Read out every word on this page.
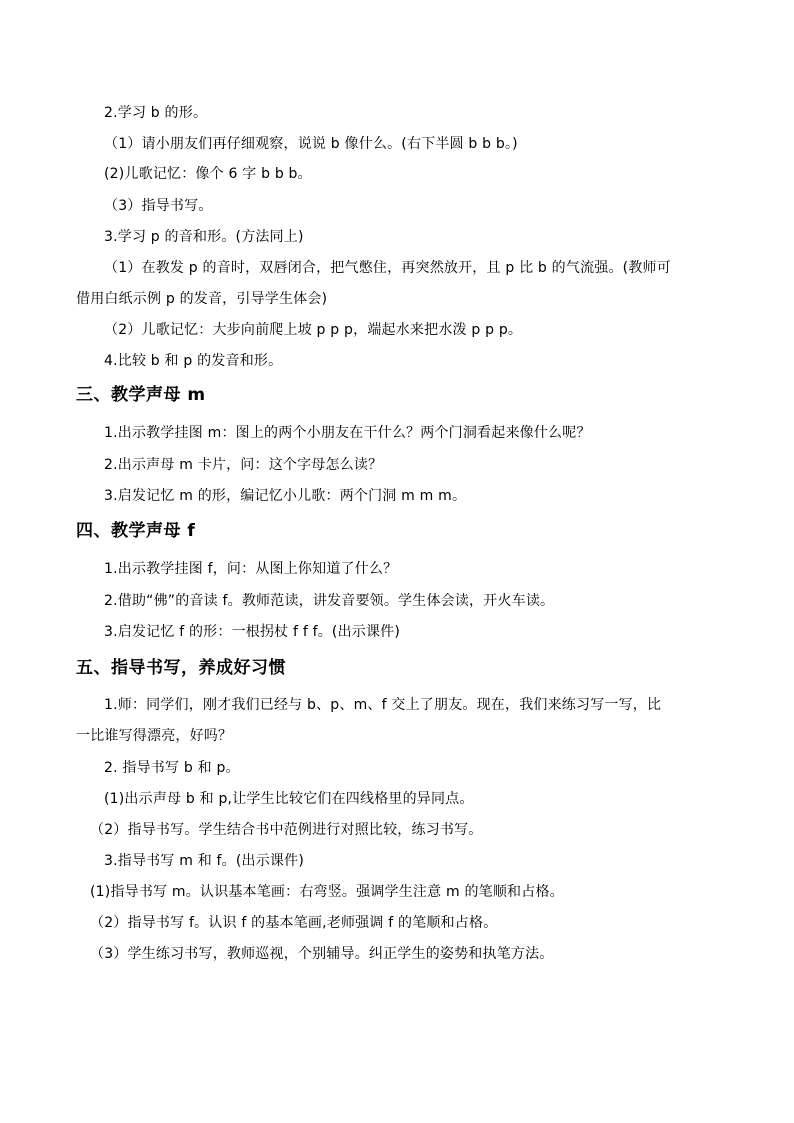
2.学习 b 的形。
（1）请小朋友们再仔细观察，说说 b 像什么。(右下半圆 b b b。)
(2)儿歌记忆：像个 6 字 b b b。
（3）指导书写。
3.学习 p 的音和形。(方法同上)
（1）在教发 p 的音时，双唇闭合，把气憋住，再突然放开，且 p 比 b 的气流强。(教师可
借用白纸示例 p 的发音，引导学生体会)
（2）儿歌记忆：大步向前爬上坡 p p p，端起水来把水泼 p p p。
4.比较 b 和 p 的发音和形。
三、教学声母 m
1.出示教学挂图 m：图上的两个小朋友在干什么？两个门洞看起来像什么呢？
2.出示声母 m 卡片，问：这个字母怎么读？
3.启发记忆 m 的形，编记忆小儿歌：两个门洞 m m m。
四、教学声母 f
1.出示教学挂图 f，问：从图上你知道了什么？
2.借助“佛”的音读 f。教师范读，讲发音要领。学生体会读，开火车读。
3.启发记忆 f 的形：一根拐杖 f f f。(出示课件)
五、指导书写，养成好习惯
1.师：同学们，刚才我们已经与 b、p、m、f 交上了朋友。现在，我们来练习写一写，比
一比谁写得漂亮，好吗？
2. 指导书写 b 和 p。
(1)出示声母 b 和 p,让学生比较它们在四线格里的异同点。
（2）指导书写。学生结合书中范例进行对照比较，练习书写。
3.指导书写 m 和 f。(出示课件)
(1)指导书写 m。认识基本笔画：右弯竖。强调学生注意 m 的笔顺和占格。
（2）指导书写 f。认识 f 的基本笔画,老师强调 f 的笔顺和占格。
（3）学生练习书写，教师巡视，个别辅导。纠正学生的姿势和执笔方法。
